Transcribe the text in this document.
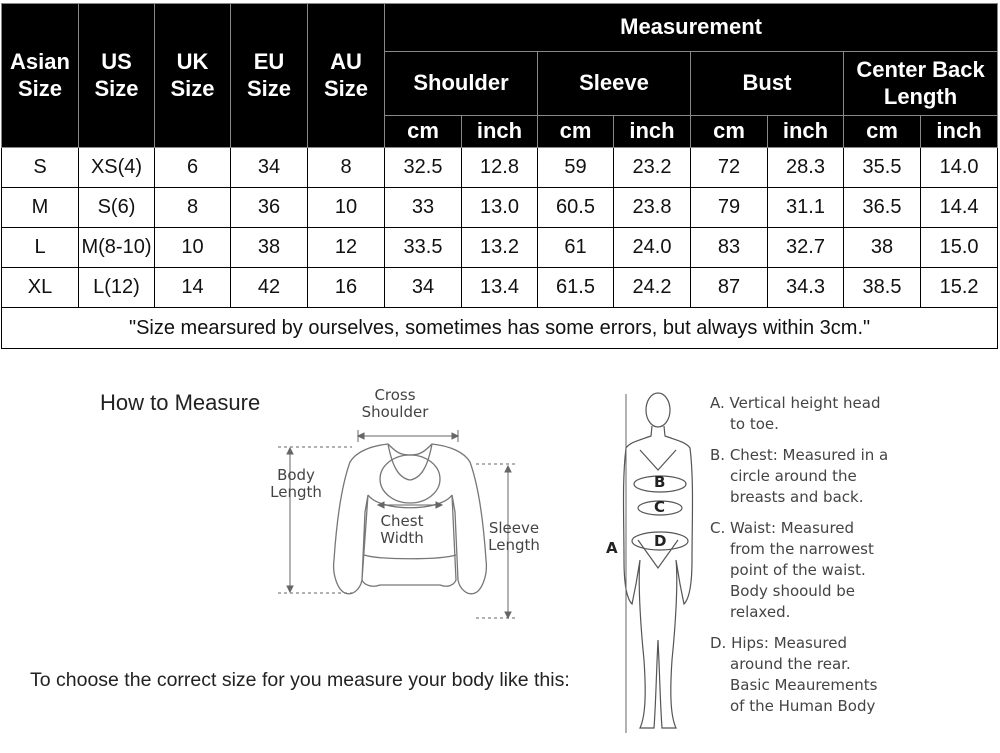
Asian Size	US Size	UK Size	EU Size	AU Size	Measurement							
					Shoulder		Sleeve		Bust		Center Back Length	
					cm	inch	cm	inch	cm	inch	cm	inch
S	XS(4)	6	34	8	32.5	12.8	59	23.2	72	28.3	35.5	14.0
M	S(6)	8	36	10	33	13.0	60.5	23.8	79	31.1	36.5	14.4
L	M(8-10)	10	38	12	33.5	13.2	61	24.0	83	32.7	38	15.0
XL	L(12)	14	42	16	34	13.4	61.5	24.2	87	34.3	38.5	15.2
"Size mearsured by ourselves, sometimes has some errors, but always within 3cm."												
How to Measure	Cross
Shoulder
Body
Length
Chest
Width
Sleeve
Length	A
B
C
D

A. Vertical height head
to toe.

B. Chest: Measured in a
circle around the
breasts and back.

C. Waist: Measured
from the narrowest
point of the waist.
Body shoould be
relaxed.

D. Hips: Measured
around the rear.
Basic Meaurements
of the Human Body

To choose the correct size for you measure your body like this:
